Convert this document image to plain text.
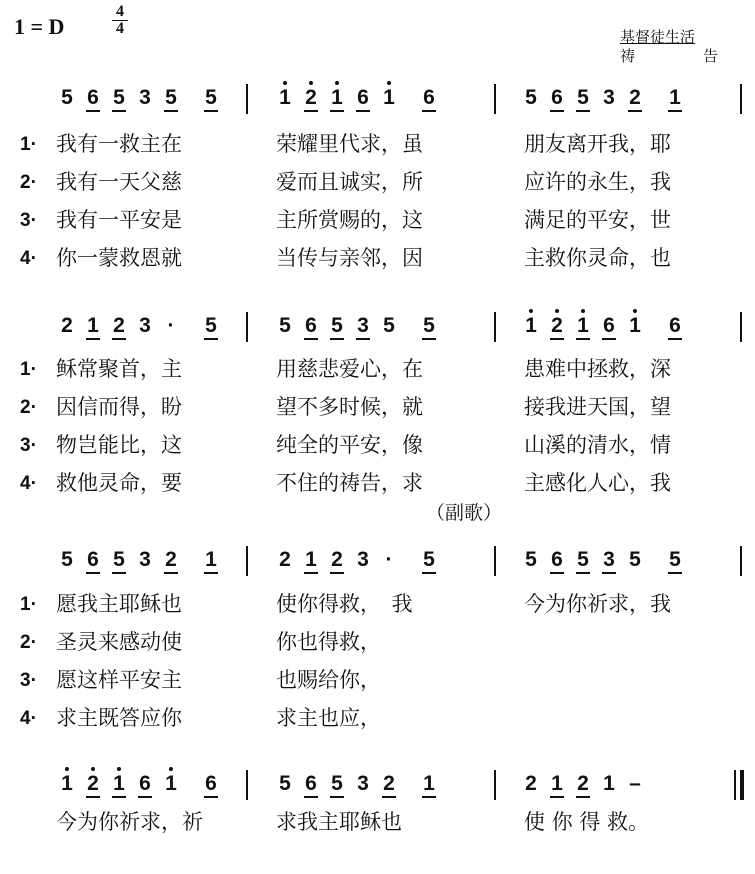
1 = D
4
4	基督徒生活
祷	告
（副歌）
5 6 5 3 5 5	1 2 1 6 1 6	5 6 5 3 2 1
1· 我有一救主在	荣耀里代求，虽	朋友离开我，耶
2· 我有一天父慈	爱而且诚实，所	应许的永生，我
3· 我有一平安是	主所赏赐的，这	满足的平安，世
4· 你一蒙救恩就	当传与亲邻，因	主救你灵命，也
2 1 2 3 · 5	5 6 5 3 5 5	1 2 1 6 1 6
1· 稣常聚首，主	用慈悲爱心，在	患难中拯救，深
2· 因信而得，盼	望不多时候，就	接我进天国，望
3· 物岂能比，这	纯全的平安，像	山溪的清水，情
4· 救他灵命，要	不住的祷告，求	主感化人心，我
5 6 5 3 2 1	2 1 2 3 · 5	5 6 5 3 5 5
1· 愿我主耶稣也	使你得救，　我	今为你祈求，我
2· 圣灵来感动使	你也得救，
3· 愿这样平安主	也赐给你，
4· 求主既答应你	求主也应，
1 2 1 6 1 6	5 6 5 3 2 1	2 1 2 1 –
今为你祈求，祈	求我主耶稣也	使 你 得 救。
